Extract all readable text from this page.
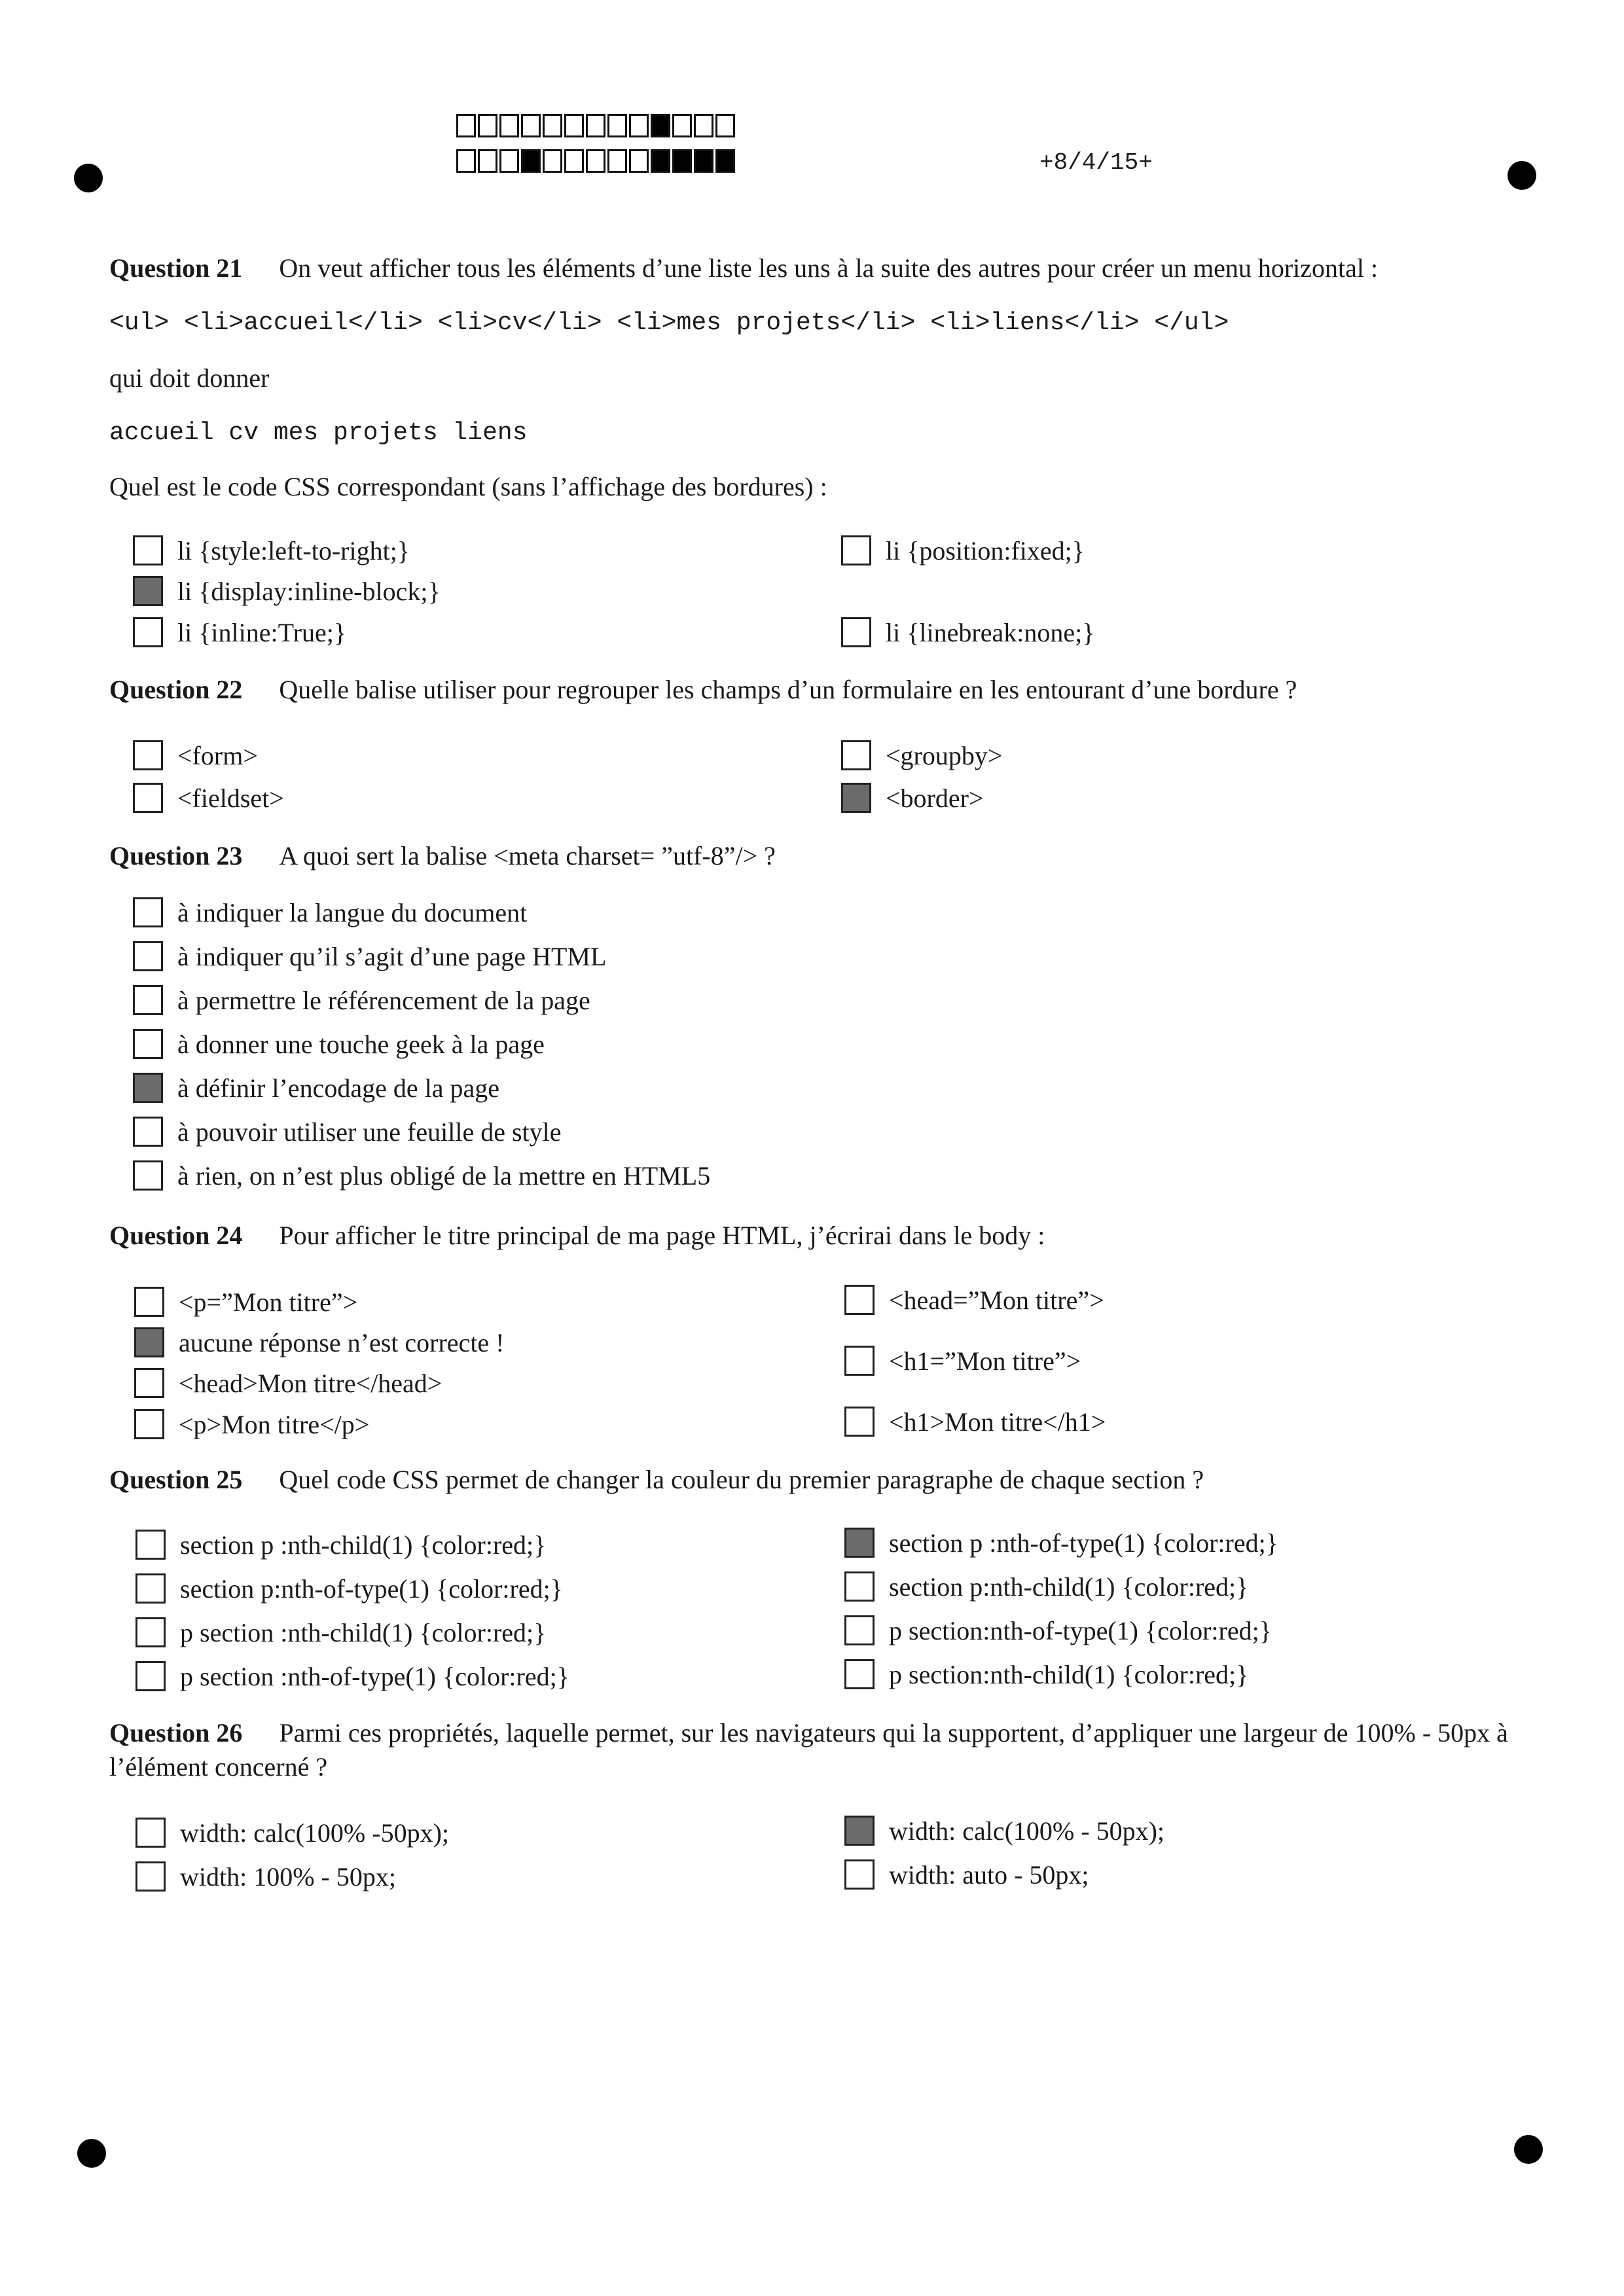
+8/4/15+
Question 21 On veut afficher tous les éléments d’une liste les uns à la suite des autres pour créer un menu horizontal :
<ul> <li>accueil</li> <li>cv</li> <li>mes projets</li> <li>liens</li> </ul>
qui doit donner
accueil cv mes projets liens
Quel est le code CSS correspondant (sans l’affichage des bordures) :
li {style:left-to-right;}
li {display:inline-block;}
li {inline:True;}
li {position:fixed;}
li {linebreak:none;}
Question 22 Quelle balise utiliser pour regrouper les champs d’un formulaire en les entourant d’une bordure ?
<form>
<fieldset>
<groupby>
<border>
Question 23 A quoi sert la balise <meta charset= ”utf-8”/> ?
à indiquer la langue du document
à indiquer qu’il s’agit d’une page HTML
à permettre le référencement de la page
à donner une touche geek à la page
à définir l’encodage de la page
à pouvoir utiliser une feuille de style
à rien, on n’est plus obligé de la mettre en HTML5
Question 24 Pour afficher le titre principal de ma page HTML, j’écrirai dans le body :
<p=”Mon titre”>
aucune réponse n’est correcte !
<head>Mon titre</head>
<p>Mon titre</p>
<head=”Mon titre”>
<h1=”Mon titre”>
<h1>Mon titre</h1>
Question 25 Quel code CSS permet de changer la couleur du premier paragraphe de chaque section ?
section p :nth-child(1) {color:red;}
section p:nth-of-type(1) {color:red;}
p section :nth-child(1) {color:red;}
p section :nth-of-type(1) {color:red;}
section p :nth-of-type(1) {color:red;}
section p:nth-child(1) {color:red;}
p section:nth-of-type(1) {color:red;}
p section:nth-child(1) {color:red;}
Question 26 Parmi ces propriétés, laquelle permet, sur les navigateurs qui la supportent, d’appliquer une largeur de 100% - 50px à l’élément concerné ?
width: calc(100% -50px);
width: 100% - 50px;
width: calc(100% - 50px);
width: auto - 50px;
